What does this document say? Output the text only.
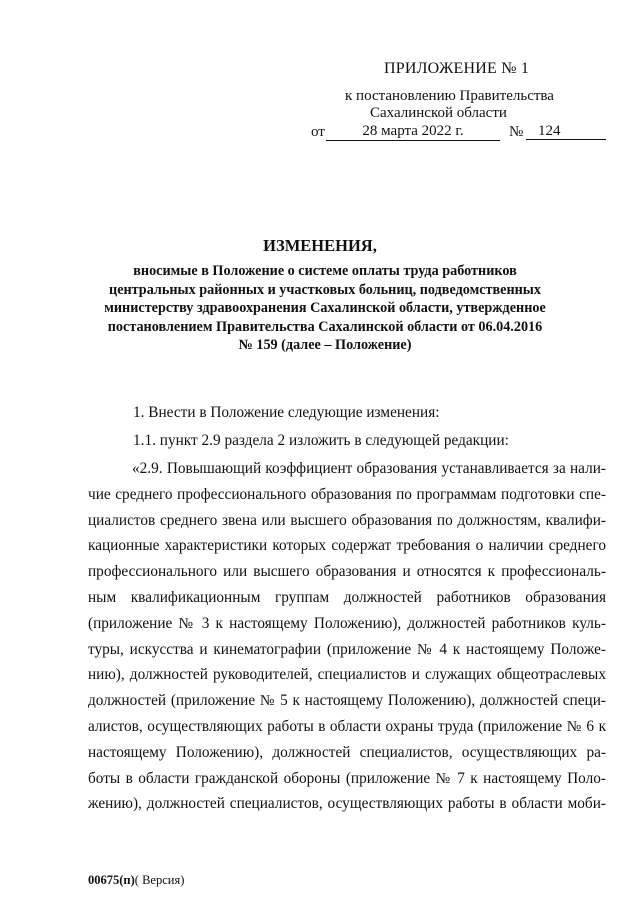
ПРИЛОЖЕНИЕ № 1
к постановлению Правительства
Сахалинской области
от	28 марта 2022 г.	№ 124
ИЗМЕНЕНИЯ,
вносимые в Положение о системе оплаты труда работников
центральных районных и участковых больниц, подведомственных
министерству здравоохранения Сахалинской области, утвержденное
постановлением Правительства Сахалинской области от 06.04.2016
№ 159 (далее – Положение)
1. Внести в Положение следующие изменения:
1.1. пункт 2.9 раздела 2 изложить в следующей редакции:
«2.9. Повышающий коэффициент образования устанавливается за нали-
чие среднего профессионального образования по программам подготовки спе-
циалистов среднего звена или высшего образования по должностям, квалифи-
кационные характеристики которых содержат требования о наличии среднего
профессионального или высшего образования и относятся к профессиональ-
ным квалификационным группам должностей работников образования
(приложение № 3 к настоящему Положению), должностей работников куль-
туры, искусства и кинематографии (приложение № 4 к настоящему Положе-
нию), должностей руководителей, специалистов и служащих общеотраслевых
должностей (приложение № 5 к настоящему Положению), должностей специ-
алистов, осуществляющих работы в области охраны труда (приложение № 6 к
настоящему Положению), должностей специалистов, осуществляющих ра-
боты в области гражданской обороны (приложение № 7 к настоящему Поло-
жению), должностей специалистов, осуществляющих работы в области моби-
00675(п)( Версия)
